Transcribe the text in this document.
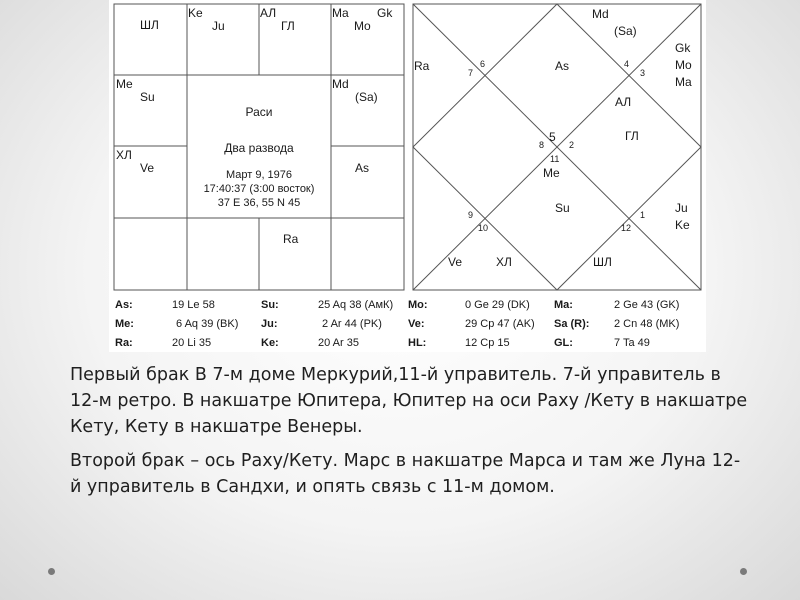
ШЛ
Ke
Ju
АЛ
ГЛ
Ma Gk
Mo
Me
Su
Md
(Sa)
ХЛ
Ve	As
Ra
Раси
Два развода
Март 9, 1976
17:40:37 (3:00 восток)
37 E 36, 55 N 45
Md
(Sa)
Gk
Mo
Ma
4
3
Ra	7
6	As
АЛ
ГЛ
8
5
2
11
Me
Su
9
10
1
12
Ju
Ke
Ve	ХЛ	ШЛ
As:	19 Le 58	Su:	25 Aq 38 (АмК) Mo:	0 Ge 29 (DK) Ma:	2 Ge 43 (GK)
Me:	6 Aq 39 (BK) Ju:	2 Ar 44 (PK) Ve:	29 Cp 47 (AK) Sa (R): 2 Cn 48 (MK)
Ra:	20 Li 35	Ke:	20 Ar 35	HL:	12 Cp 15	GL:	7 Ta 49

Первый брак В 7-м доме Меркурий,11-й управитель. 7-й управитель в 12-м ретро. В накшатре Юпитера, Юпитер на оси Раху /Кету в накшатре Кету, Кету в накшатре Венеры.

Второй брак – ось Раху/Кету. Марс в накшатре Марса и там же Луна 12-й управитель в Сандхи, и опять связь с 11-м домом.
